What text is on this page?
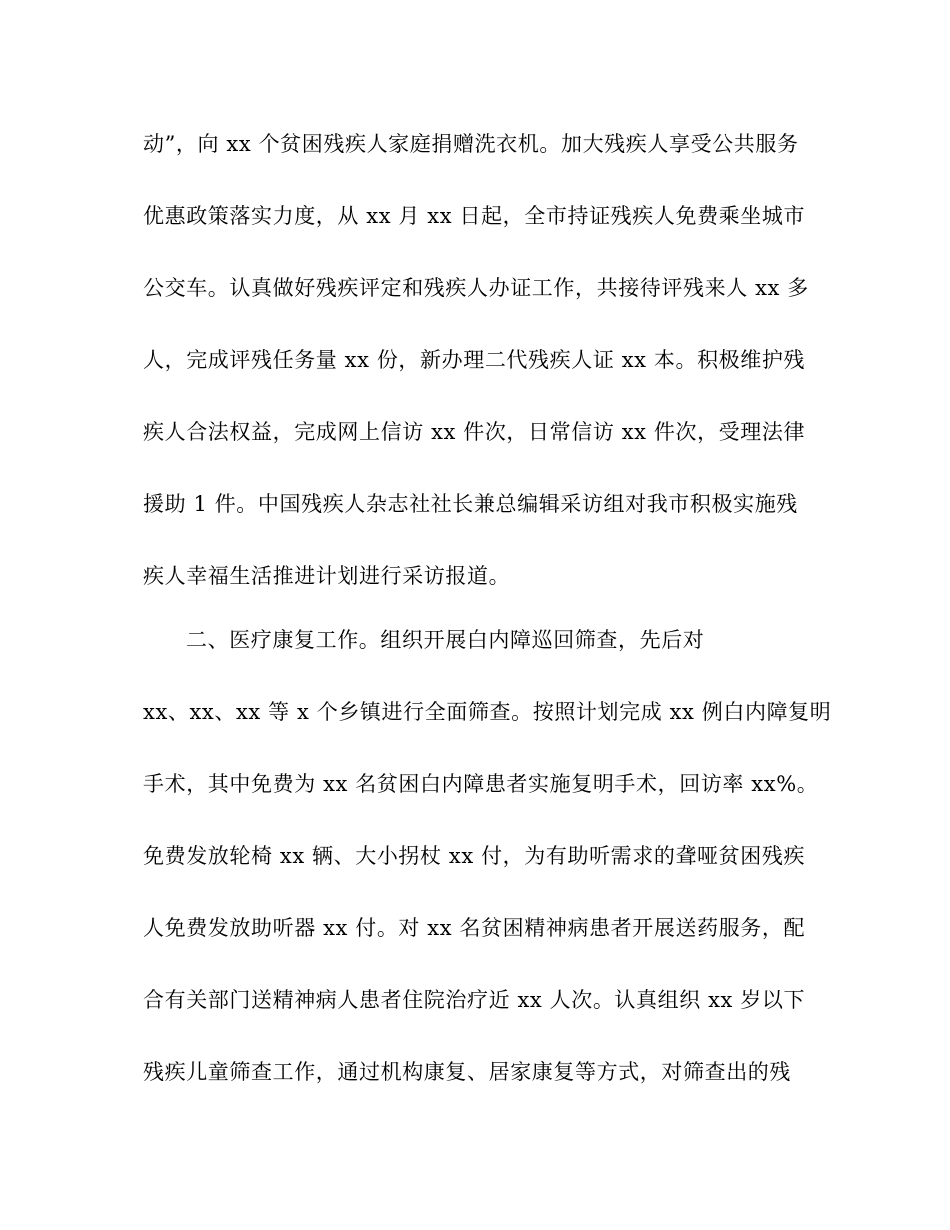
动”，向 xx 个贫困残疾人家庭捐赠洗衣机。加大残疾人享受公共服务
优惠政策落实力度，从 xx 月 xx 日起，全市持证残疾人免费乘坐城市
公交车。认真做好残疾评定和残疾人办证工作，共接待评残来人 xx 多
人，完成评残任务量 xx 份，新办理二代残疾人证 xx 本。积极维护残
疾人合法权益，完成网上信访 xx 件次，日常信访 xx 件次，受理法律
援助 1 件。中国残疾人杂志社社长兼总编辑采访组对我市积极实施残
疾人幸福生活推进计划进行采访报道。
二、医疗康复工作。组织开展白内障巡回筛查，先后对
xx、xx、xx 等 x 个乡镇进行全面筛查。按照计划完成 xx 例白内障复明
手术，其中免费为 xx 名贫困白内障患者实施复明手术，回访率 xx%。
免费发放轮椅 xx 辆、大小拐杖 xx 付，为有助听需求的聋哑贫困残疾
人免费发放助听器 xx 付。对 xx 名贫困精神病患者开展送药服务，配
合有关部门送精神病人患者住院治疗近 xx 人次。认真组织 xx 岁以下
残疾儿童筛查工作，通过机构康复、居家康复等方式，对筛查出的残
